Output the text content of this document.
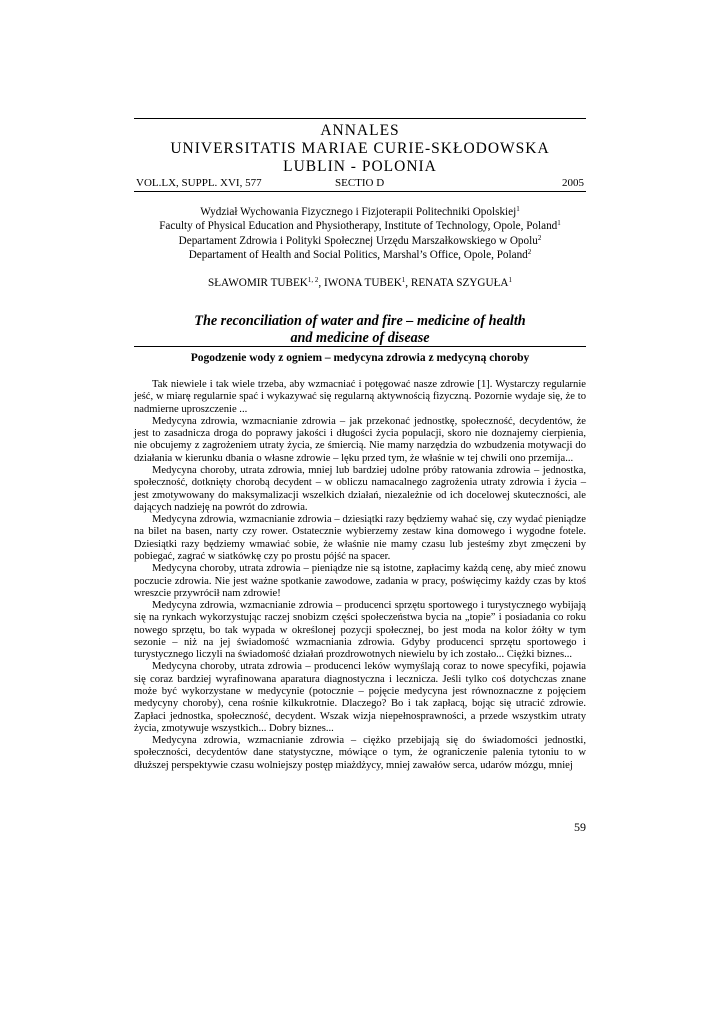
ANNALES
UNIVERSITATIS MARIAE CURIE-SKŁODOWSKA
LUBLIN - POLONIA
VOL.LX, SUPPL. XVI, 577	SECTIO D	2005
Wydział Wychowania Fizycznego i Fizjoterapii Politechniki Opolskiej$^1$
Faculty of Physical Education and Physiotherapy, Institute of Technology, Opole, Poland$^1$
Departament Zdrowia i Polityki Społecznej Urzędu Marszałkowskiego w Opolu$^2$
Departament of Health and Social Politics, Marshal’s Office, Opole, Poland$^2$
SŁAWOMIR TUBEK$^{1, 2}$, IWONA TUBEK$^1$, RENATA SZYGUŁA$^1$
The reconciliation of water and fire – medicine of health
and medicine of disease
Pogodzenie wody z ogniem – medycyna zdrowia z medycyną choroby

Tak niewiele i tak wiele trzeba, aby wzmacniać i potęgować nasze zdrowie [1]. Wystarczy regularnie jeść, w miarę regularnie spać i wykazywać się regularną aktywnością fizyczną. Pozornie wydaje się, że to nadmierne uproszczenie ...

Medycyna zdrowia, wzmacnianie zdrowia – jak przekonać jednostkę, społeczność, decydentów, że jest to zasadnicza droga do poprawy jakości i długości życia populacji, skoro nie doznajemy cierpienia, nie obcujemy z zagrożeniem utraty życia, ze śmiercią. Nie mamy narzędzia do wzbudzenia motywacji do działania w kierunku dbania o własne zdrowie – lęku przed tym, że właśnie w tej chwili ono przemija...

Medycyna choroby, utrata zdrowia, mniej lub bardziej udolne próby ratowania zdrowia – jednostka, społeczność, dotknięty chorobą decydent – w obliczu namacalnego zagrożenia utraty zdrowia i życia – jest zmotywowany do maksymalizacji wszelkich działań, niezależnie od ich docelowej skuteczności, ale dających nadzieję na powrót do zdrowia.

Medycyna zdrowia, wzmacnianie zdrowia – dziesiątki razy będziemy wahać się, czy wydać pieniądze na bilet na basen, narty czy rower. Ostatecznie wybierzemy zestaw kina domowego i wygodne fotele. Dziesiątki razy będziemy wmawiać sobie, że właśnie nie mamy czasu lub jesteśmy zbyt zmęczeni by pobiegać, zagrać w siatkówkę czy po prostu pójść na spacer.

Medycyna choroby, utrata zdrowia – pieniądze nie są istotne, zapłacimy każdą cenę, aby mieć znowu poczucie zdrowia. Nie jest ważne spotkanie zawodowe, zadania w pracy, poświęcimy każdy czas by ktoś wreszcie przywrócił nam zdrowie!

Medycyna zdrowia, wzmacnianie zdrowia – producenci sprzętu sportowego i turystycznego wybijają się na rynkach wykorzystując raczej snobizm części społeczeństwa bycia na „topie” i posiadania co roku nowego sprzętu, bo tak wypada w określonej pozycji społecznej, bo jest moda na kolor żółty w tym sezonie – niż na jej świadomość wzmacniania zdrowia. Gdyby producenci sprzętu sportowego i turystycznego liczyli na świadomość działań prozdrowotnych niewielu by ich zostało... Ciężki biznes...

Medycyna choroby, utrata zdrowia – producenci leków wymyślają coraz to nowe specyfiki, pojawia się coraz bardziej wyrafinowana aparatura diagnostyczna i lecznicza. Jeśli tylko coś dotychczas znane może być wykorzystane w medycynie (potocznie – pojęcie medycyna jest równoznaczne z pojęciem medycyny choroby), cena rośnie kilkukrotnie. Dlaczego? Bo i tak zapłacą, bojąc się utracić zdrowie. Zapłaci jednostka, społeczność, decydent. Wszak wizja niepełnosprawności, a przede wszystkim utraty życia, zmotywuje wszystkich... Dobry biznes...

Medycyna zdrowia, wzmacnianie zdrowia – ciężko przebijają się do świadomości jednostki, społeczności, decydentów dane statystyczne, mówiące o tym, że ograniczenie palenia tytoniu to w dłuższej perspektywie czasu wolniejszy postęp miażdżycy, mniej zawałów serca, udarów mózgu, mniej

59
